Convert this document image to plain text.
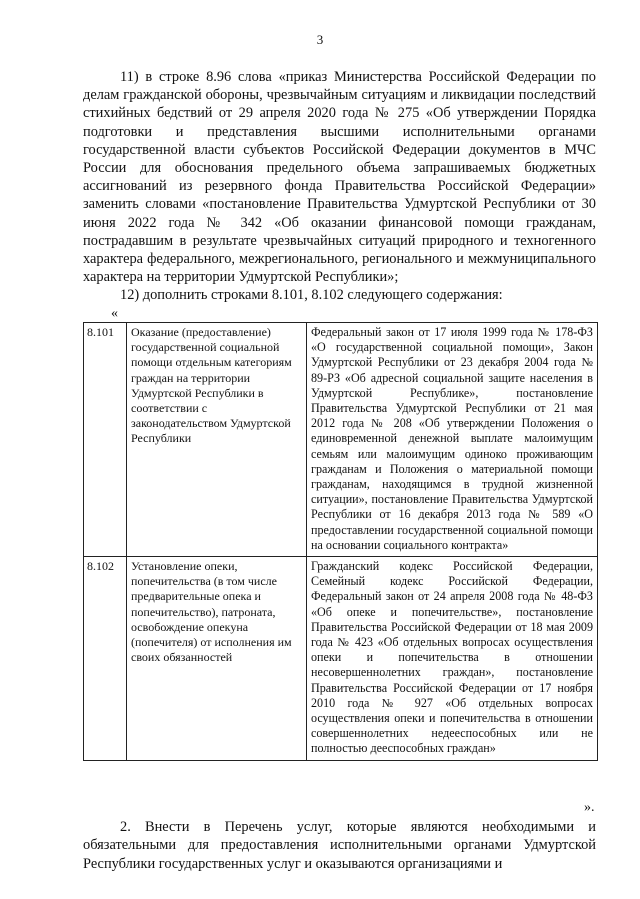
3

11) в строке 8.96 слова «приказ Министерства Российской Федерации по делам гражданской обороны, чрезвычайным ситуациям и ликвидации последствий стихийных бедствий от 29 апреля 2020 года № 275 «Об утверждении Порядка подготовки и представления высшими исполнительными органами государственной власти субъектов Российской Федерации документов в МЧС России для обоснования предельного объема запрашиваемых бюджетных ассигнований из резервного фонда Правительства Российской Федерации» заменить словами «постановление Правительства Удмуртской Республики от 30 июня 2022 года № 342 «Об оказании финансовой помощи гражданам, пострадавшим в результате чрезвычайных ситуаций природного и техногенного характера федерального, межрегионального, регионального и межмуниципального характера на территории Удмуртской Республики»;

12) дополнить строками 8.101, 8.102 следующего содержания:

«
8.101	Оказание (предоставление) государственной социальной помощи отдельным категориям граждан на территории Удмуртской Республики в соответствии с законодательством Удмуртской Республики	Федеральный закон от 17 июля 1999 года № 178-ФЗ «О государственной социальной помощи», Закон Удмуртской Республики от 23 декабря 2004 года № 89-РЗ «Об адресной социальной защите населения в Удмуртской Республике», постановление Правительства Удмуртской Республики от 21 мая 2012 года № 208 «Об утверждении Положения о единовременной денежной выплате малоимущим семьям или малоимущим одиноко проживающим гражданам и Положения о материальной помощи гражданам, находящимся в трудной жизненной ситуации», постановление Правительства Удмуртской Республики от 16 декабря 2013 года № 589 «О предоставлении государственной социальной помощи на основании социального контракта»
8.102	Установление опеки, попечительства (в том числе предварительные опека и попечительство), патроната, освобождение опекуна (попечителя) от исполнения им своих обязанностей	Гражданский кодекс Российской Федерации, Семейный кодекс Российской Федерации, Федеральный закон от 24 апреля 2008 года № 48-ФЗ «Об опеке и попечительстве», постановление Правительства Российской Федерации от 18 мая 2009 года № 423 «Об отдельных вопросах осуществления опеки и попечительства в отношении несовершеннолетних граждан», постановление Правительства Российской Федерации от 17 ноября 2010 года № 927 «Об отдельных вопросах осуществления опеки и попечительства в отношении совершеннолетних недееспособных или не полностью дееспособных граждан»
».

2. Внести в Перечень услуг, которые являются необходимыми и обязательными для предоставления исполнительными органами Удмуртской Республики государственных услуг и оказываются организациями и
